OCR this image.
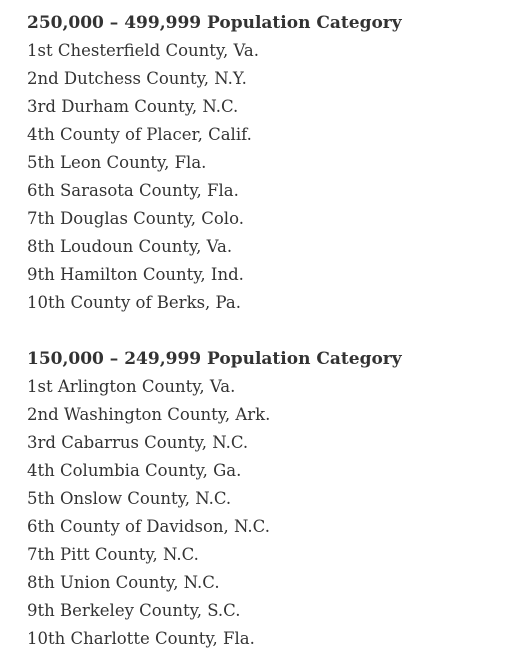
250,000 – 499,999 Population Category
1st Chesterfield County, Va.
2nd Dutchess County, N.Y.
3rd Durham County, N.C.
4th County of Placer, Calif.
5th Leon County, Fla.
6th Sarasota County, Fla.
7th Douglas County, Colo.
8th Loudoun County, Va.
9th Hamilton County, Ind.
10th County of Berks, Pa.
150,000 – 249,999 Population Category
1st Arlington County, Va.
2nd Washington County, Ark.
3rd Cabarrus County, N.C.
4th Columbia County, Ga.
5th Onslow County, N.C.
6th County of Davidson, N.C.
7th Pitt County, N.C.
8th Union County, N.C.
9th Berkeley County, S.C.
10th Charlotte County, Fla.
